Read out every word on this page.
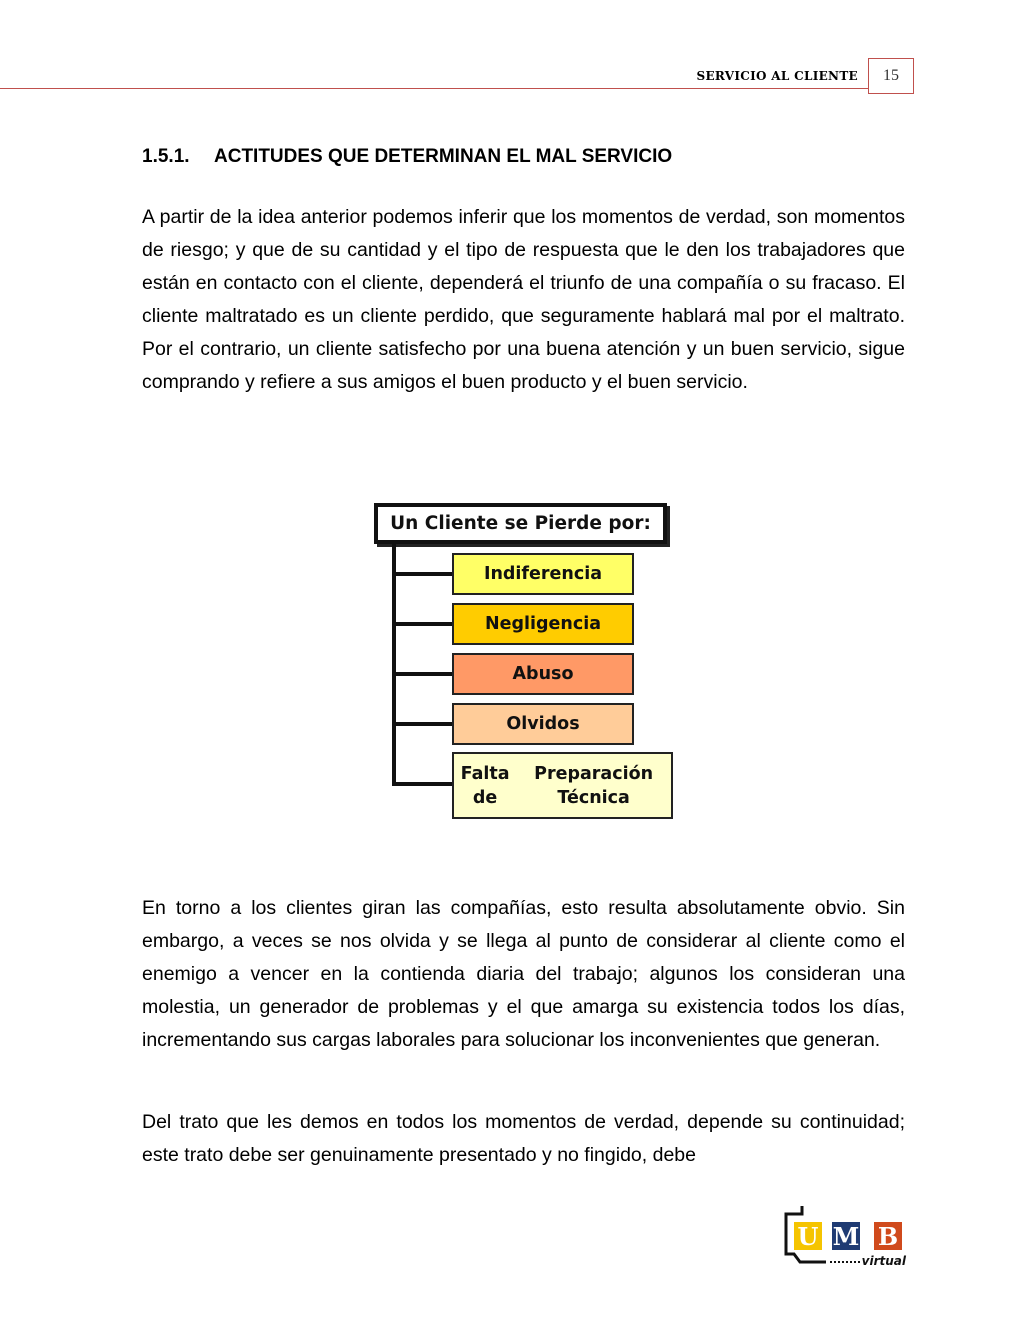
SERVICIO AL CLIENTE	15
1.5.1. ACTITUDES QUE DETERMINAN EL MAL SERVICIO

A partir de la idea anterior podemos inferir que los momentos de verdad, son momentos de riesgo; y que de su cantidad y el tipo de respuesta que le den los trabajadores que están en contacto con el cliente, dependerá el triunfo de una compañía o su fracaso. El cliente maltratado es un cliente perdido, que seguramente hablará mal por el maltrato. Por el contrario, un cliente satisfecho por una buena atención y un buen servicio, sigue comprando y refiere a sus amigos el buen producto y el buen servicio.

Un Cliente se Pierde por:
Indiferencia
Negligencia
Abuso
Olvidos
Falta de

Preparación Técnica

En torno a los clientes giran las compañías, esto resulta absolutamente obvio. Sin embargo, a veces se nos olvida y se llega al punto de considerar al cliente como el enemigo a vencer en la contienda diaria del trabajo; algunos los consideran una molestia, un generador de problemas y el que amarga su existencia todos los días, incrementando sus cargas laborales para solucionar los inconvenientes que generan.

Del trato que les demos en todos los momentos de verdad, depende su continuidad; este trato debe ser genuinamente presentado y no fingido, debe

U M B
virtual
